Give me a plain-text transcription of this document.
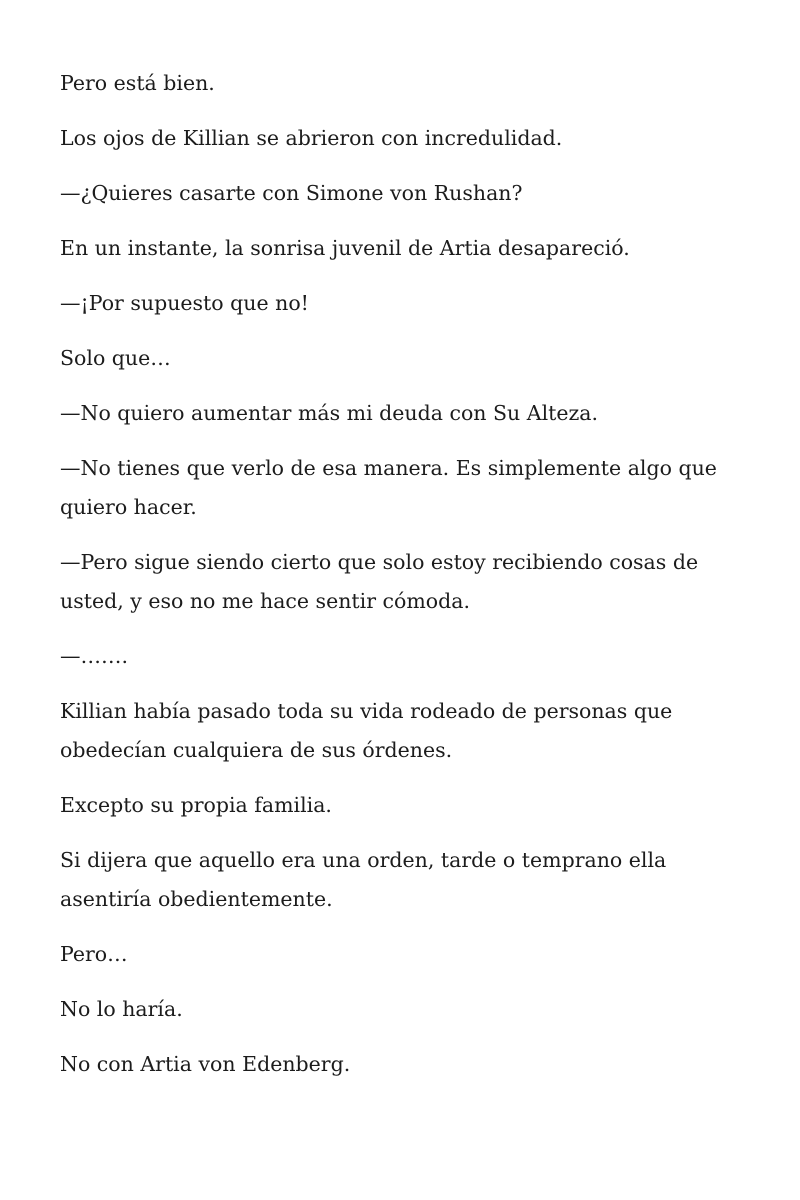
Pero está bien.

Los ojos de Killian se abrieron con incredulidad.

—¿Quieres casarte con Simone von Rushan?

En un instante, la sonrisa juvenil de Artia desapareció.

—¡Por supuesto que no!

Solo que…

—No quiero aumentar más mi deuda con Su Alteza.

—No tienes que verlo de esa manera. Es simplemente algo que quiero hacer.

—Pero sigue siendo cierto que solo estoy recibiendo cosas de usted, y eso no me hace sentir cómoda.

—…….

Killian había pasado toda su vida rodeado de personas que obedecían cualquiera de sus órdenes.

Excepto su propia familia.

Si dijera que aquello era una orden, tarde o temprano ella asentiría obedientemente.

Pero…

No lo haría.

No con Artia von Edenberg.
